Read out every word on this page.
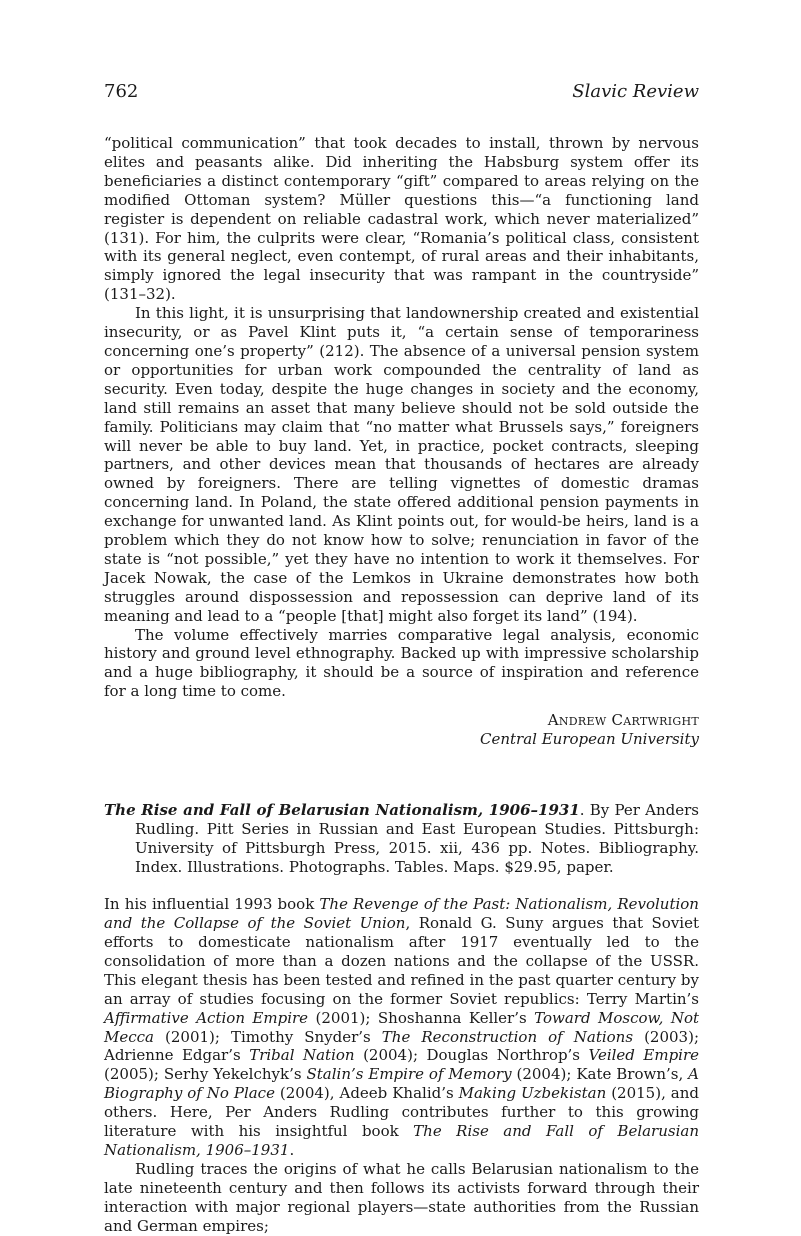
762	Slavic Review

“political communication” that took decades to install, thrown by nervous elites and peasants alike. Did inheriting the Habsburg system offer its beneficiaries a distinct contemporary “gift” compared to areas relying on the modified Ottoman system? Müller questions this—“a functioning land register is dependent on reliable cadastral work, which never materialized” (131). For him, the culprits were clear, “Romania’s political class, consistent with its general neglect, even contempt, of rural areas and their inhabitants, simply ignored the legal insecurity that was rampant in the countryside” (131–32).

In this light, it is unsurprising that landownership created and existential insecurity, or as Pavel Klint puts it, “a certain sense of temporariness concerning one’s property” (212). The absence of a universal pension system or opportunities for urban work compounded the centrality of land as security. Even today, despite the huge changes in society and the economy, land still remains an asset that many believe should not be sold outside the family. Politicians may claim that “no matter what Brussels says,” foreigners will never be able to buy land. Yet, in practice, pocket contracts, sleeping partners, and other devices mean that thousands of hectares are already owned by foreigners. There are telling vignettes of domestic dramas concerning land. In Poland, the state offered additional pension payments in exchange for unwanted land. As Klint points out, for would-be heirs, land is a problem which they do not know how to solve; renunciation in favor of the state is “not possible,” yet they have no intention to work it themselves. For Jacek Nowak, the case of the Lemkos in Ukraine demonstrates how both struggles around dispossession and repossession can deprive land of its meaning and lead to a “people [that] might also forget its land” (194).

The volume effectively marries comparative legal analysis, economic history and ground level ethnography. Backed up with impressive scholarship and a huge bibliography, it should be a source of inspiration and reference for a long time to come.

Andrew Cartwright
Central European University
The Rise and Fall of Belarusian Nationalism, 1906–1931. By Per Anders Rudling. Pitt Series in Russian and East European Studies. Pittsburgh: University of Pittsburgh Press, 2015. xii, 436 pp. Notes. Bibliography. Index. Illustrations. Photographs. Tables. Maps. $29.95, paper.

In his influential 1993 book The Revenge of the Past: Nationalism, Revolution and the Collapse of the Soviet Union, Ronald G. Suny argues that Soviet efforts to domesticate nationalism after 1917 eventually led to the consolidation of more than a dozen nations and the collapse of the USSR. This elegant thesis has been tested and refined in the past quarter century by an array of studies focusing on the former Soviet republics: Terry Martin’s Affirmative Action Empire (2001); Shoshanna Keller’s Toward Moscow, Not Mecca (2001); Timothy Snyder’s The Reconstruction of Nations (2003); Adrienne Edgar’s Tribal Nation (2004); Douglas Northrop’s Veiled Empire (2005); Serhy Yekelchyk’s Stalin’s Empire of Memory (2004); Kate Brown’s, A Biography of No Place (2004), Adeeb Khalid’s Making Uzbekistan (2015), and others. Here, Per Anders Rudling contributes further to this growing literature with his insightful book The Rise and Fall of Belarusian Nationalism, 1906–1931.

Rudling traces the origins of what he calls Belarusian nationalism to the late nineteenth century and then follows its activists forward through their interaction with major regional players—state authorities from the Russian and German empires;
